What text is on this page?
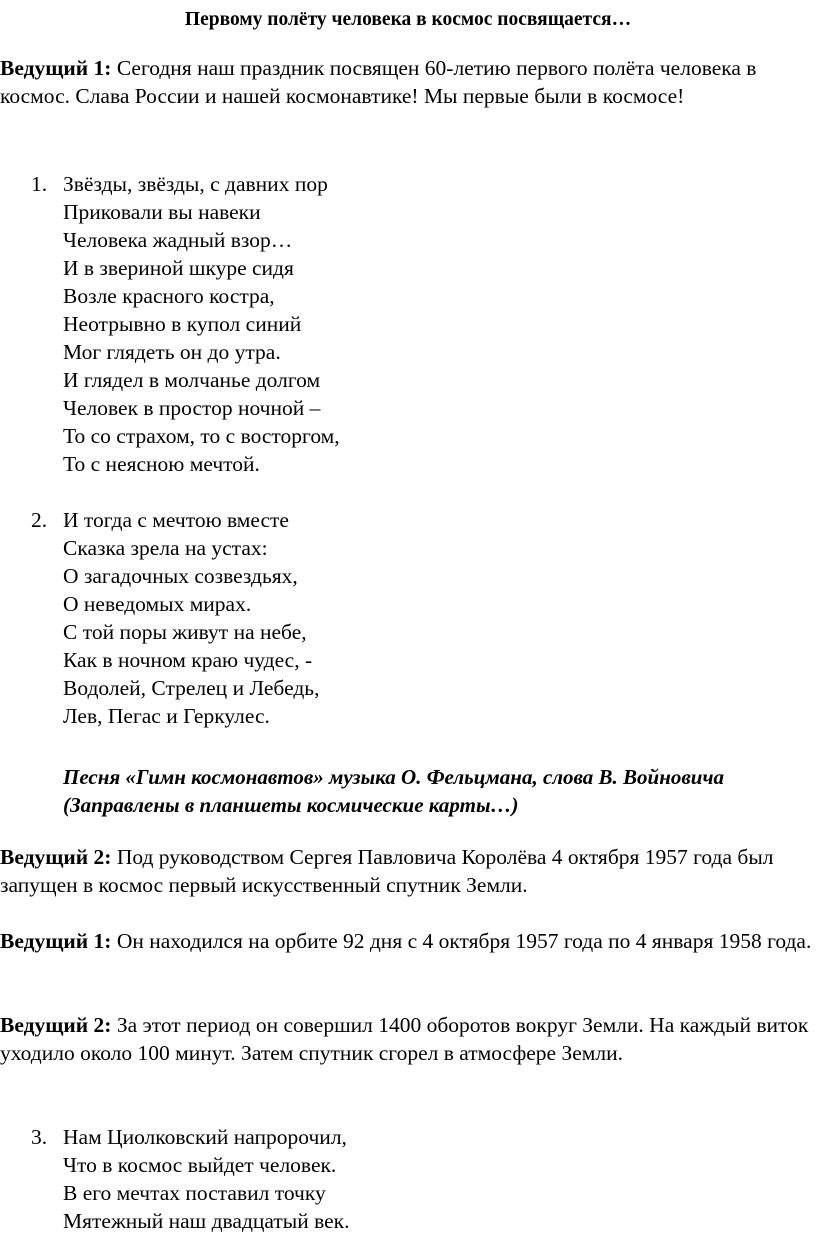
Первому полёту человека в космос посвящается…

Ведущий 1: Сегодня наш праздник посвящен 60-летию первого полёта человека в космос. Слава России и нашей космонавтике! Мы первые были в космосе!

1. Звёзды, звёзды, с давних пор
Приковали вы навеки
Человека жадный взор…
И в звериной шкуре сидя
Возле красного костра,
Неотрывно в купол синий
Мог глядеть он до утра.
И глядел в молчанье долгом
Человек в простор ночной –
То со страхом, то с восторгом,
То с неясною мечтой.
2. И тогда с мечтою вместе
Сказка зрела на устах:
О загадочных созвездьях,
О неведомых мирах.
С той поры живут на небе,
Как в ночном краю чудес, -
Водолей, Стрелец и Лебедь,
Лев, Пегас и Геркулес.

Песня «Гимн космонавтов» музыка О. Фельцмана, слова В. Войновича (Заправлены в планшеты космические карты…)

Ведущий 2: Под руководством Сергея Павловича Королёва 4 октября 1957 года был запущен в космос первый искусственный спутник Земли.

Ведущий 1: Он находился на орбите 92 дня с 4 октября 1957 года по 4 января 1958 года.

Ведущий 2: За этот период он совершил 1400 оборотов вокруг Земли. На каждый виток уходило около 100 минут. Затем спутник сгорел в атмосфере Земли.

3. Нам Циолковский напророчил,
Что в космос выйдет человек.
В его мечтах поставил точку
Мятежный наш двадцатый век.
